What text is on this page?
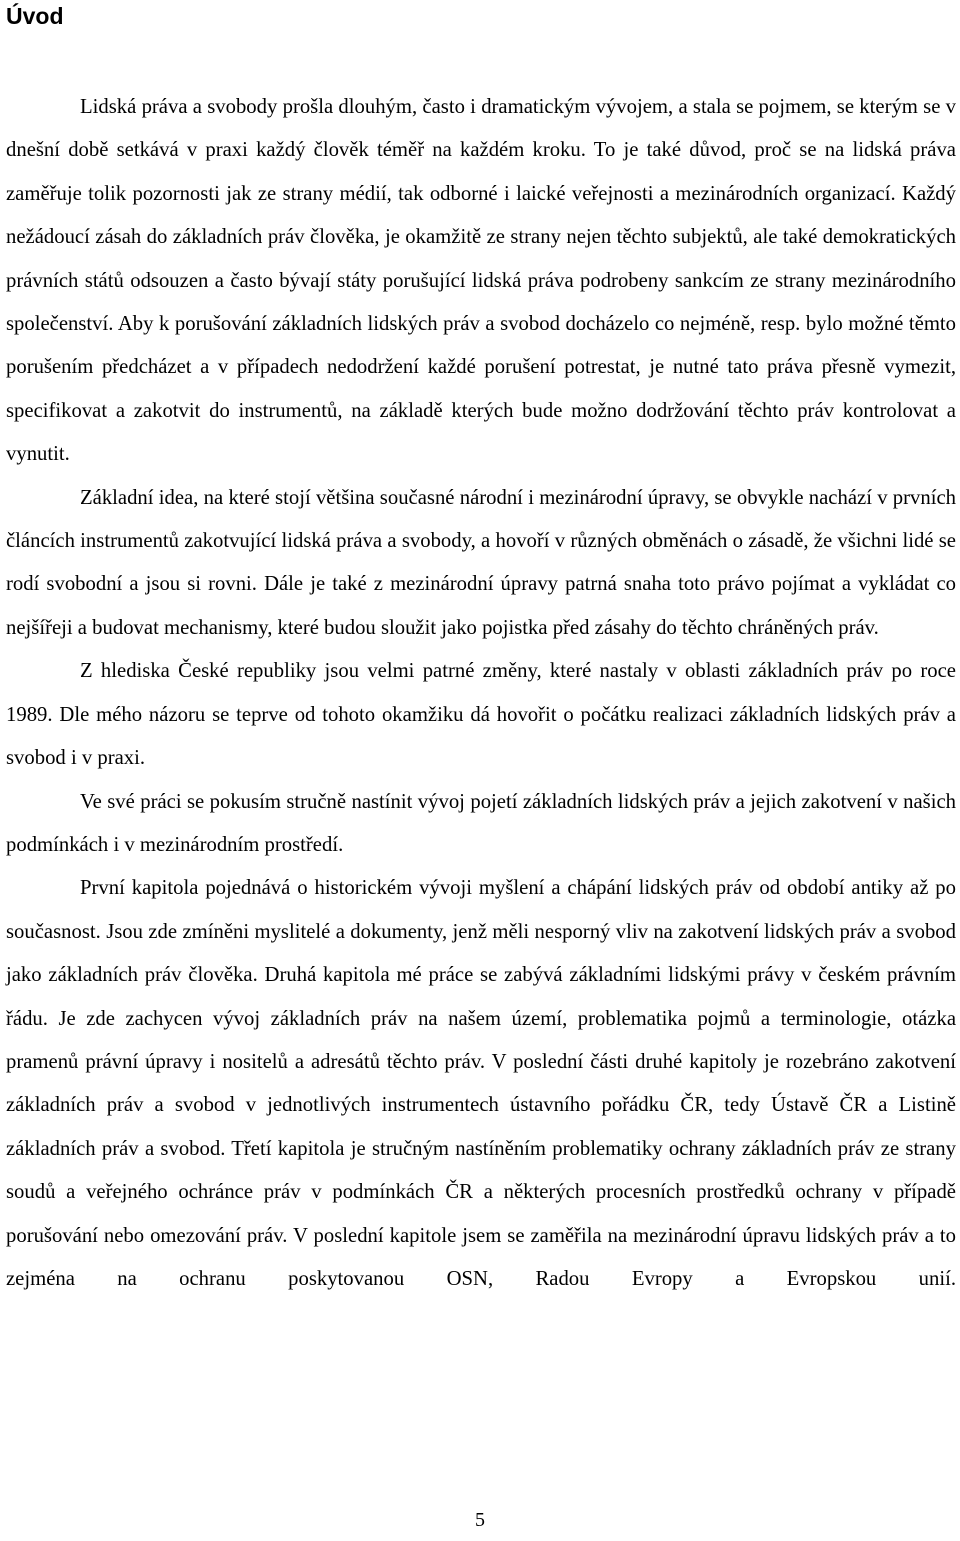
Úvod

Lidská práva a svobody prošla dlouhým, často i dramatickým vývojem, a stala se pojmem, se kterým se v dnešní době setkává v praxi každý člověk téměř na každém kroku. To je také důvod, proč se na lidská práva zaměřuje tolik pozornosti jak ze strany médií, tak odborné i laické veřejnosti a mezinárodních organizací. Každý nežádoucí zásah do základních práv člověka, je okamžitě ze strany nejen těchto subjektů, ale také demokratických právních států odsouzen a často bývají státy porušující lidská práva podrobeny sankcím ze strany mezinárodního společenství. Aby k porušování základních lidských práv a svobod docházelo co nejméně, resp. bylo možné těmto porušením předcházet a v případech nedodržení každé porušení potrestat, je nutné tato práva přesně vymezit, specifikovat a zakotvit do instrumentů, na základě kterých bude možno dodržování těchto práv kontrolovat a vynutit.

Základní idea, na které stojí většina současné národní i mezinárodní úpravy, se obvykle nachází v prvních článcích instrumentů zakotvující lidská práva a svobody, a hovoří v různých obměnách o zásadě, že všichni lidé se rodí svobodní a jsou si rovni. Dále je také z mezinárodní úpravy patrná snaha toto právo pojímat a vykládat co nejšířeji a budovat mechanismy, které budou sloužit jako pojistka před zásahy do těchto chráněných práv.

Z hlediska České republiky jsou velmi patrné změny, které nastaly v oblasti základních práv po roce 1989. Dle mého názoru se teprve od tohoto okamžiku dá hovořit o počátku realizaci základních lidských práv a svobod i v praxi.

Ve své práci se pokusím stručně nastínit vývoj pojetí základních lidských práv a jejich zakotvení v našich podmínkách i v mezinárodním prostředí.

První kapitola pojednává o historickém vývoji myšlení a chápání lidských práv od období antiky až po současnost. Jsou zde zmíněni myslitelé a dokumenty, jenž měli nesporný vliv na zakotvení lidských práv a svobod jako základních práv člověka. Druhá kapitola mé práce se zabývá základními lidskými právy v českém právním řádu. Je zde zachycen vývoj základních práv na našem území, problematika pojmů a terminologie, otázka pramenů právní úpravy i nositelů a adresátů těchto práv. V poslední části druhé kapitoly je rozebráno zakotvení základních práv a svobod v jednotlivých instrumentech ústavního pořádku ČR, tedy Ústavě ČR a Listině základních práv a svobod. Třetí kapitola je stručným nastíněním problematiky ochrany základních práv ze strany soudů a veřejného ochránce práv v podmínkách ČR a některých procesních prostředků ochrany v případě porušování nebo omezování práv. V poslední kapitole jsem se zaměřila na mezinárodní úpravu lidských práv a to zejména na ochranu poskytovanou OSN, Radou Evropy a Evropskou unií.

5
